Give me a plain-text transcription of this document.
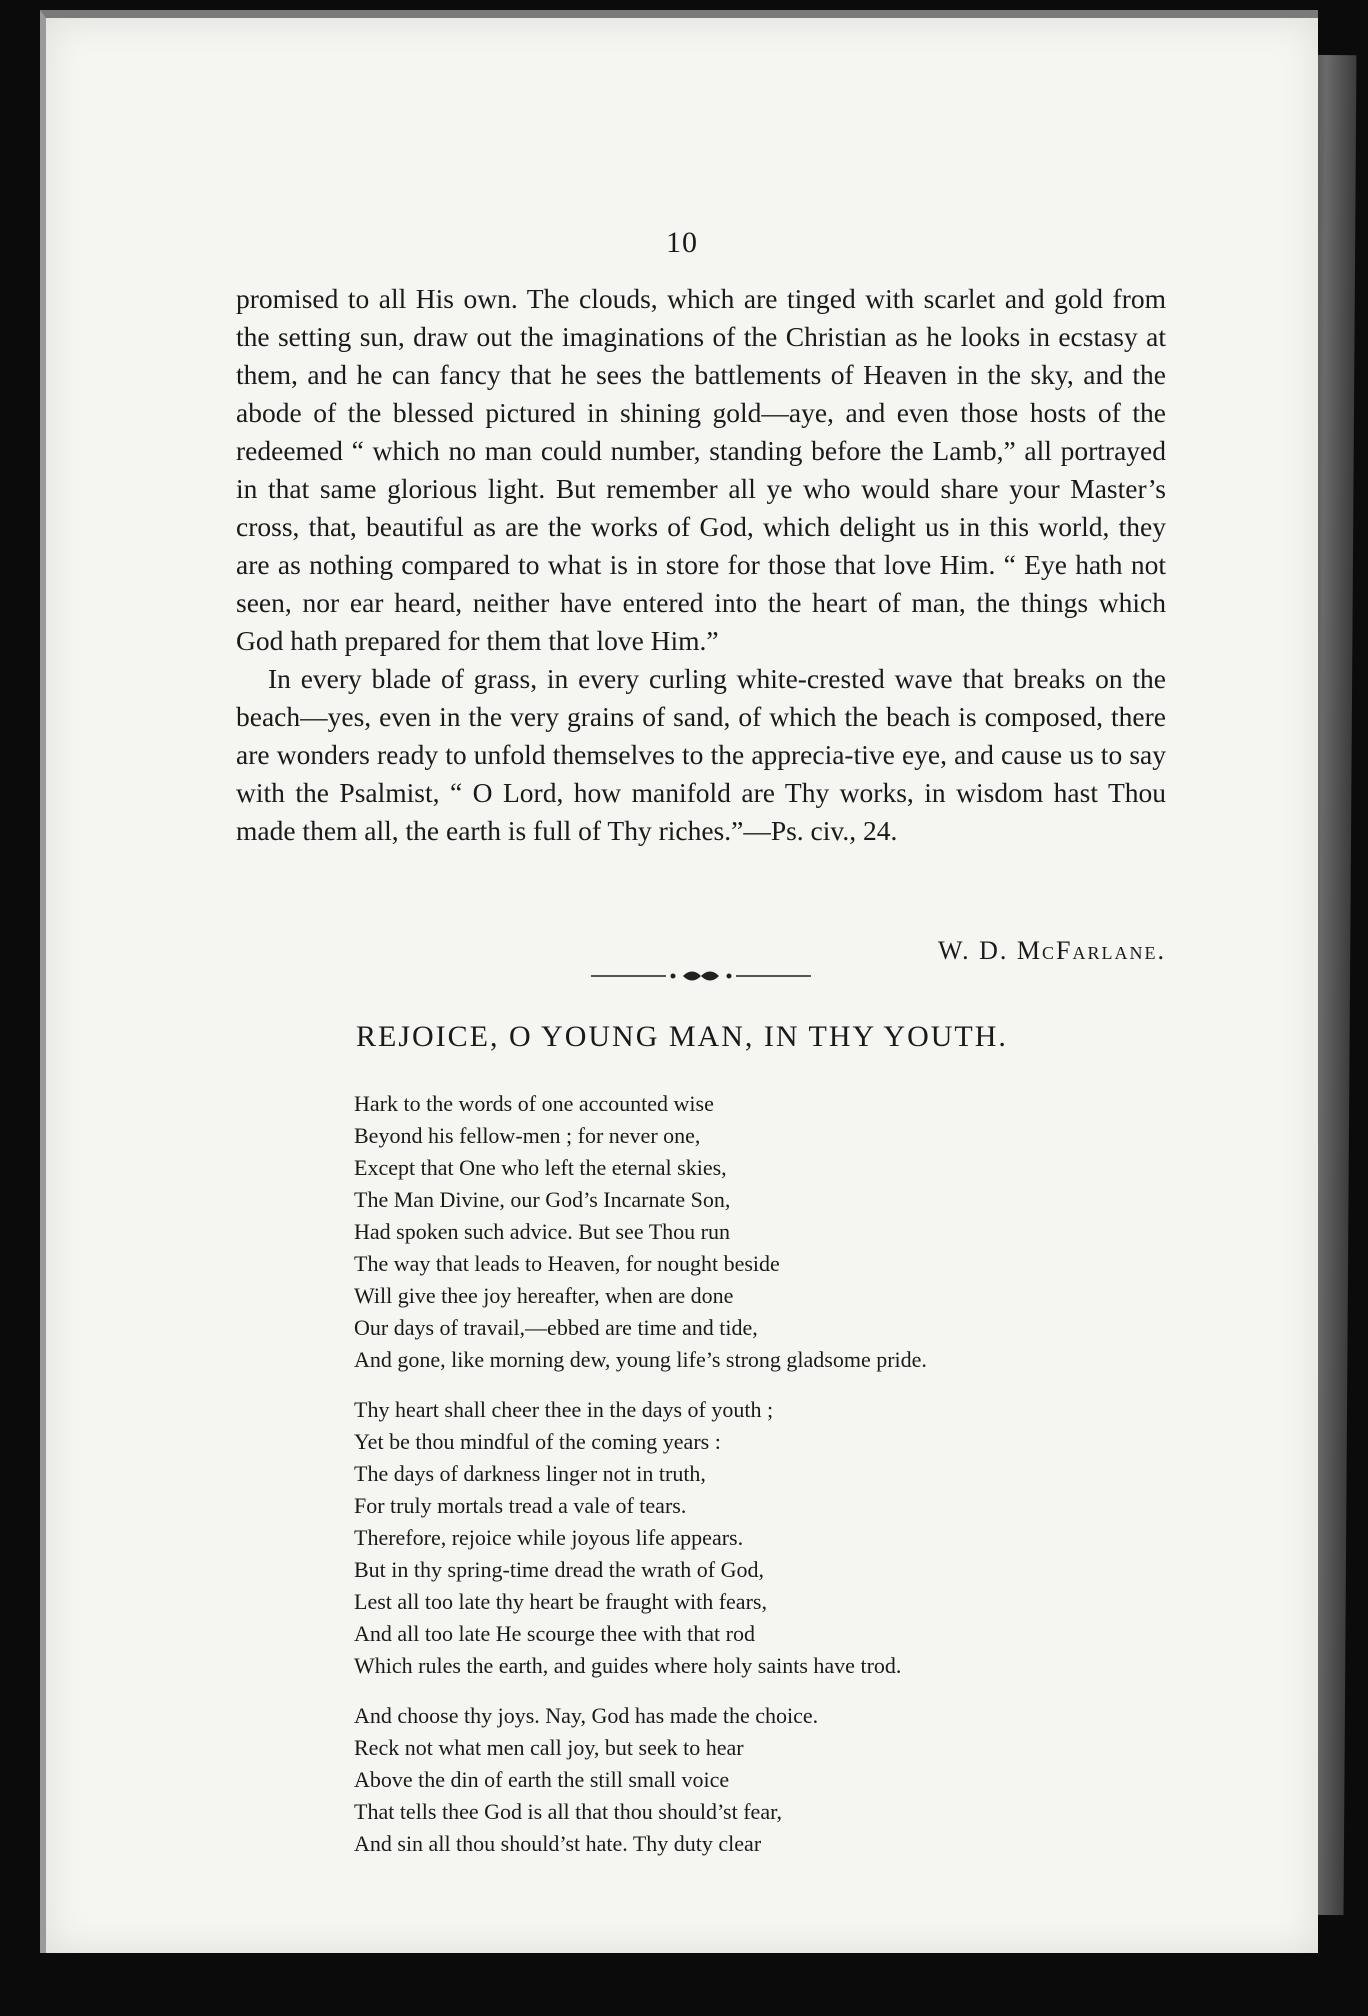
10

promised to all His own. The clouds, which are tinged with scarlet and gold from the setting sun, draw out the imaginations of the Christian as he looks in ecstasy at them, and he can fancy that he sees the battlements of Heaven in the sky, and the abode of the blessed pictured in shining gold—aye, and even those hosts of the redeemed “ which no man could number, standing before the Lamb,” all portrayed in that same glorious light. But remember all ye who would share your Master’s cross, that, beautiful as are the works of God, which delight us in this world, they are as nothing compared to what is in store for those that love Him. “ Eye hath not seen, nor ear heard, neither have entered into the heart of man, the things which God hath prepared for them that love Him.”

In every blade of grass, in every curling white-crested wave that breaks on the beach—yes, even in the very grains of sand, of which the beach is composed, there are wonders ready to unfold themselves to the apprecia-tive eye, and cause us to say with the Psalmist, “ O Lord, how manifold are Thy works, in wisdom hast Thou made them all, the earth is full of Thy riches.”—Ps. civ., 24.

W. D. McFarlane.
REJOICE, O YOUNG MAN, IN THY YOUTH.
Hark to the words of one accounted wise
Beyond his fellow-men ; for never one,
Except that One who left the eternal skies,
The Man Divine, our God’s Incarnate Son,
Had spoken such advice. But see Thou run
The way that leads to Heaven, for nought beside
Will give thee joy hereafter, when are done
Our days of travail,—ebbed are time and tide,
And gone, like morning dew, young life’s strong gladsome pride.
Thy heart shall cheer thee in the days of youth ;
Yet be thou mindful of the coming years :
The days of darkness linger not in truth,
For truly mortals tread a vale of tears.
Therefore, rejoice while joyous life appears.
But in thy spring-time dread the wrath of God,
Lest all too late thy heart be fraught with fears,
And all too late He scourge thee with that rod
Which rules the earth, and guides where holy saints have trod.
And choose thy joys. Nay, God has made the choice.
Reck not what men call joy, but seek to hear
Above the din of earth the still small voice
That tells thee God is all that thou should’st fear,
And sin all thou should’st hate. Thy duty clear
